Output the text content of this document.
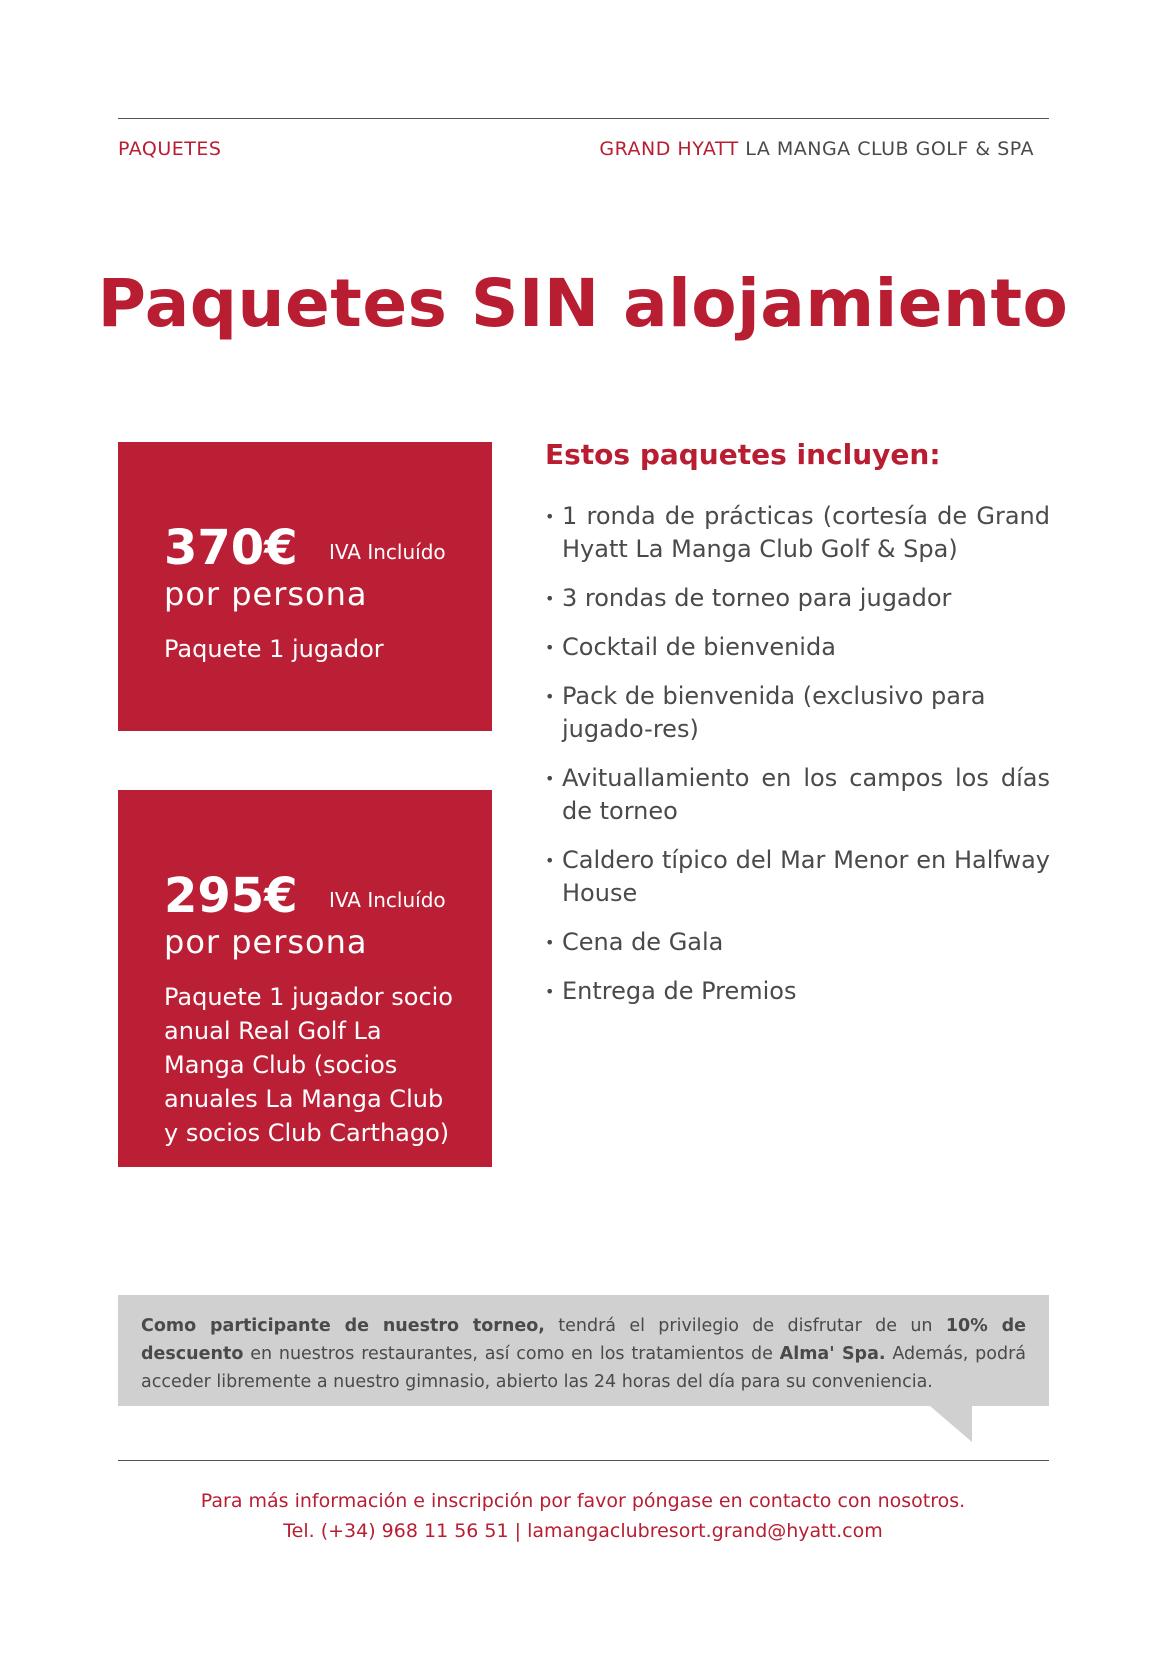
PAQUETES	GRAND HYATT LA MANGA CLUB GOLF & SPA
Paquetes SIN alojamiento
370€ IVA Incluído
por persona
Paquete 1 jugador
295€ IVA Incluído
por persona
Paquete 1 jugador socio anual Real Golf La Manga Club (socios anuales La Manga Club y socios Club Carthago)
Estos paquetes incluyen:
• 1 ronda de prácticas (cortesía de Grand Hyatt La Manga Club Golf & Spa)
• 3 rondas de torneo para jugador
• Cocktail de bienvenida
• Pack de bienvenida (exclusivo para jugado-res)
• Avituallamiento en los campos los días de torneo
• Caldero típico del Mar Menor en Halfway House
• Cena de Gala
• Entrega de Premios
Como participante de nuestro torneo, tendrá el privilegio de disfrutar de un 10% de descuento en nuestros restaurantes, así como en los tratamientos de Alma' Spa. Además, podrá acceder libremente a nuestro gimnasio, abierto las 24 horas del día para su conveniencia.
Para más información e inscripción por favor póngase en contacto con nosotros.
Tel. (+34) 968 11 56 51 | lamangaclubresort.grand@hyatt.com
